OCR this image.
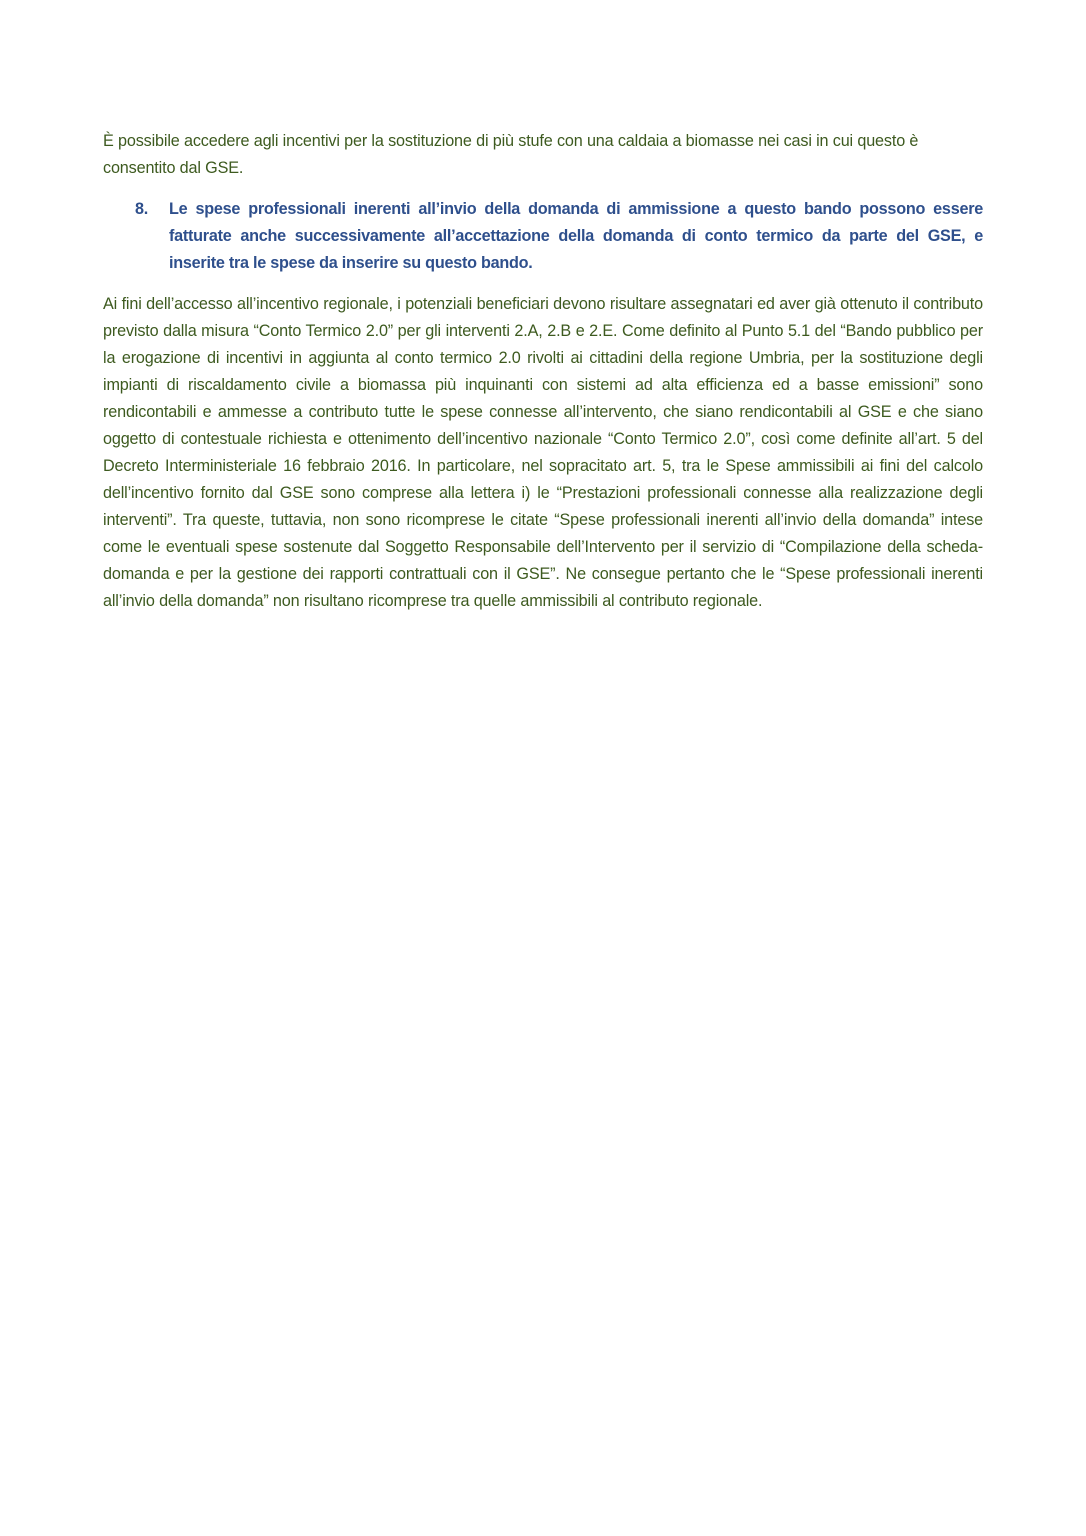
È possibile accedere agli incentivi per la sostituzione di più stufe con una caldaia a biomasse nei casi in cui questo è consentito dal GSE.

8.	Le spese professionali inerenti all’invio della domanda di ammissione a questo bando possono essere fatturate anche successivamente all’accettazione della domanda di conto termico da parte del GSE, e inserite tra le spese da inserire su questo bando.

Ai fini dell’accesso all’incentivo regionale, i potenziali beneficiari devono risultare assegnatari ed aver già ottenuto il contributo previsto dalla misura “Conto Termico 2.0” per gli interventi 2.A, 2.B e 2.E. Come definito al Punto 5.1 del “Bando pubblico per la erogazione di incentivi in aggiunta al conto termico 2.0 rivolti ai cittadini della regione Umbria, per la sostituzione degli impianti di riscaldamento civile a biomassa più inquinanti con sistemi ad alta efficienza ed a basse emissioni” sono rendicontabili e ammesse a contributo tutte le spese connesse all’intervento, che siano rendicontabili al GSE e che siano oggetto di contestuale richiesta e ottenimento dell’incentivo nazionale “Conto Termico 2.0”, così come definite all’art. 5 del Decreto Interministeriale 16 febbraio 2016. In particolare, nel sopracitato art. 5, tra le Spese ammissibili ai fini del calcolo dell’incentivo fornito dal GSE sono comprese alla lettera i) le “Prestazioni professionali connesse alla realizzazione degli interventi”. Tra queste, tuttavia, non sono ricomprese le citate “Spese professionali inerenti all’invio della domanda” intese come le eventuali spese sostenute dal Soggetto Responsabile dell’Intervento per il servizio di “Compilazione della scheda-domanda e per la gestione dei rapporti contrattuali con il GSE”. Ne consegue pertanto che le “Spese professionali inerenti all’invio della domanda” non risultano ricomprese tra quelle ammissibili al contributo regionale.
